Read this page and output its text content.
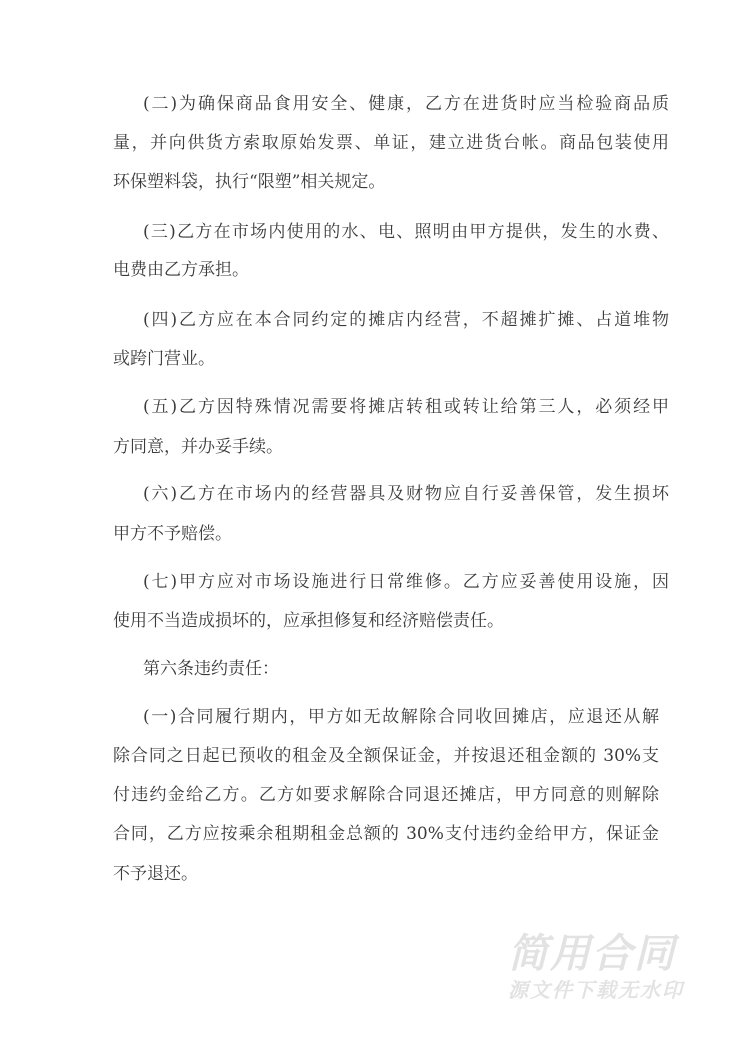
(二)为确保商品食用安全、健康，乙方在进货时应当检验商品质
量，并向供货方索取原始发票、单证，建立进货台帐。商品包装使用
环保塑料袋，执行“限塑”相关规定。
(三)乙方在市场内使用的水、电、照明由甲方提供，发生的水费、
电费由乙方承担。
(四)乙方应在本合同约定的摊店内经营，不超摊扩摊、占道堆物
或跨门营业。
(五)乙方因特殊情况需要将摊店转租或转让给第三人，必须经甲
方同意，并办妥手续。
(六)乙方在市场内的经营器具及财物应自行妥善保管，发生损坏
甲方不予赔偿。
(七)甲方应对市场设施进行日常维修。乙方应妥善使用设施，因
使用不当造成损坏的，应承担修复和经济赔偿责任。
第六条违约责任：
(一)合同履行期内，甲方如无故解除合同收回摊店，应退还从解
除合同之日起已预收的租金及全额保证金，并按退还租金额的 30%支
付违约金给乙方。乙方如要求解除合同退还摊店，甲方同意的则解除
合同，乙方应按乘余租期租金总额的 30%支付违约金给甲方，保证金
不予退还。
简用合同
源文件下载无水印
